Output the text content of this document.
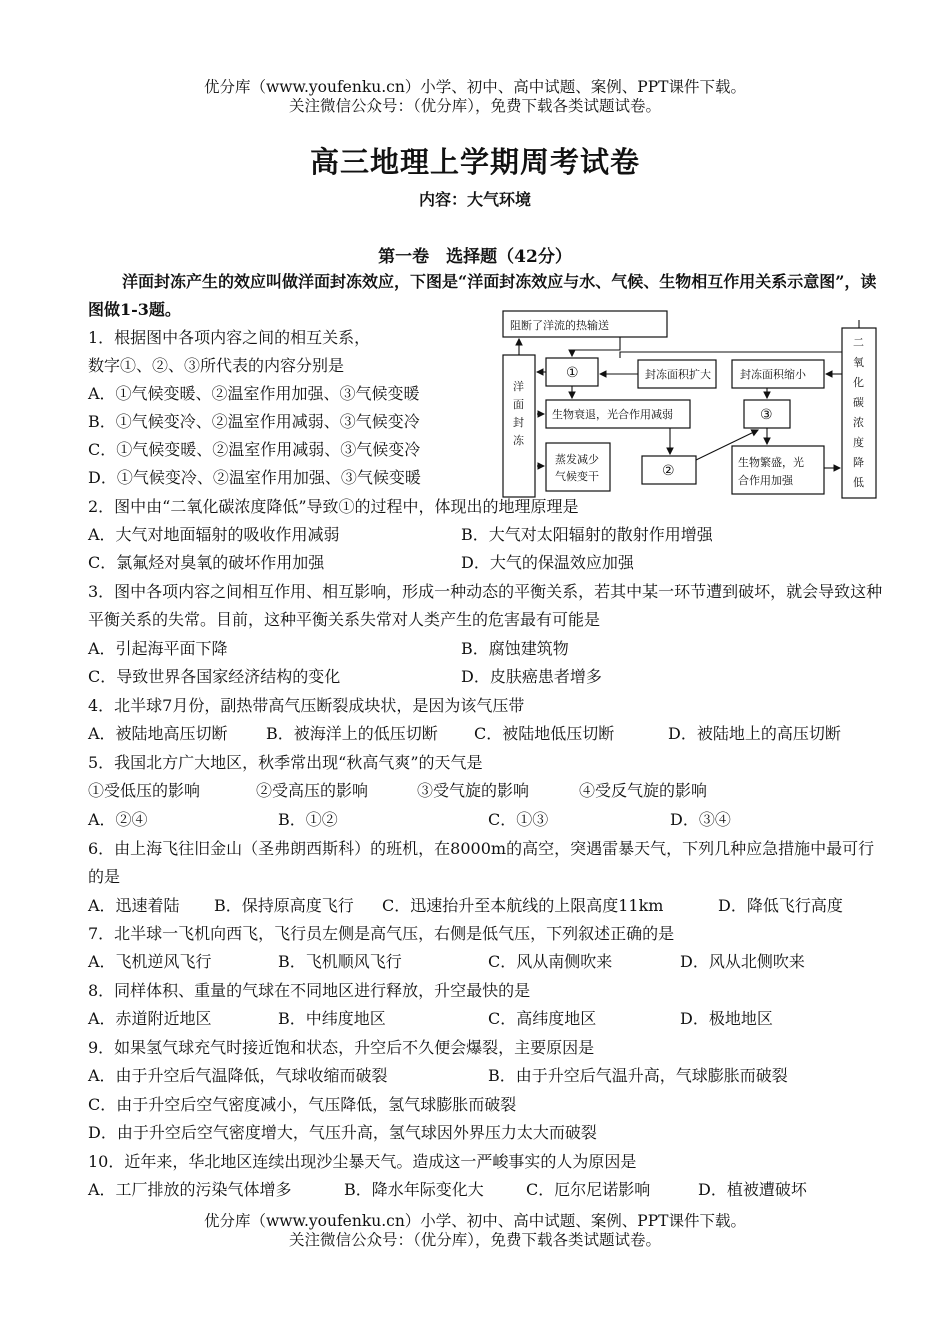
优分库（www.youfenku.cn）小学、初中、高中试题、案例、PPT课件下载。
关注微信公众号：（优分库），免费下载各类试题试卷。
高三地理上学期周考试卷
内容：大气环境
第一卷　选择题（42分）
洋面封冻产生的效应叫做洋面封冻效应，下图是“洋面封冻效应与水、气候、生物相互作用关系示意图”，读图做1-3题。
阻断了洋流的热输送
洋
面
封
冻
①	封冻面积扩大	封冻面积缩小
生物衰退，光合作用减弱	③
蒸发减少
气候变干	②
生物繁盛，光
合作用加强
二
氧
化
碳
浓
度
降
低
1．根据图中各项内容之间的相互关系，
数字①、②、③所代表的内容分别是
A．①气候变暖、②温室作用加强、③气候变暖
B．①气候变冷、②温室作用减弱、③气候变冷
C．①气候变暖、②温室作用减弱、③气候变冷
D．①气候变冷、②温室作用加强、③气候变暖
2．图中由“二氧化碳浓度降低”导致①的过程中，体现出的地理原理是
A．大气对地面辐射的吸收作用减弱	B．大气对太阳辐射的散射作用增强
C．氯氟烃对臭氧的破坏作用加强	D．大气的保温效应加强
3．图中各项内容之间相互作用、相互影响，形成一种动态的平衡关系，若其中某一环节遭到破坏，就会导致这种平衡关系的失常。目前，这种平衡关系失常对人类产生的危害最有可能是
A．引起海平面下降	B．腐蚀建筑物
C．导致世界各国家经济结构的变化	D．皮肤癌患者增多
4．北半球7月份，副热带高气压断裂成块状，是因为该气压带
A．被陆地高压切断 B．被海洋上的低压切断 C．被陆地低压切断	D．被陆地上的高压切断
5．我国北方广大地区，秋季常出现“秋高气爽”的天气是
①受低压的影响	②受高压的影响	③受气旋的影响	④受反气旋的影响
A．②④	B．①②	C．①③	D．③④
6．由上海飞往旧金山（圣弗朗西斯科）的班机，在8000m的高空，突遇雷暴天气，下列几种应急措施中最可行的是
A．迅速着陆 B．保持原高度飞行 C．迅速抬升至本航线的上限高度11km	D．降低飞行高度
7．北半球一飞机向西飞，飞行员左侧是高气压，右侧是低气压，下列叙述正确的是
A．飞机逆风飞行	B．飞机顺风飞行	C．风从南侧吹来	D．风从北侧吹来
8．同样体积、重量的气球在不同地区进行释放，升空最快的是
A．赤道附近地区	B．中纬度地区	C．高纬度地区	D．极地地区
9．如果氢气球充气时接近饱和状态，升空后不久便会爆裂，主要原因是
A．由于升空后气温降低，气球收缩而破裂	B．由于升空后气温升高，气球膨胀而破裂
C．由于升空后空气密度减小，气压降低，氢气球膨胀而破裂
D．由于升空后空气密度增大，气压升高，氢气球因外界压力太大而破裂
10．近年来，华北地区连续出现沙尘暴天气。造成这一严峻事实的人为原因是
A．工厂排放的污染气体增多	B．降水年际变化大	C．厄尔尼诺影响	D．植被遭破坏
优分库（www.youfenku.cn）小学、初中、高中试题、案例、PPT课件下载。
关注微信公众号：（优分库），免费下载各类试题试卷。
